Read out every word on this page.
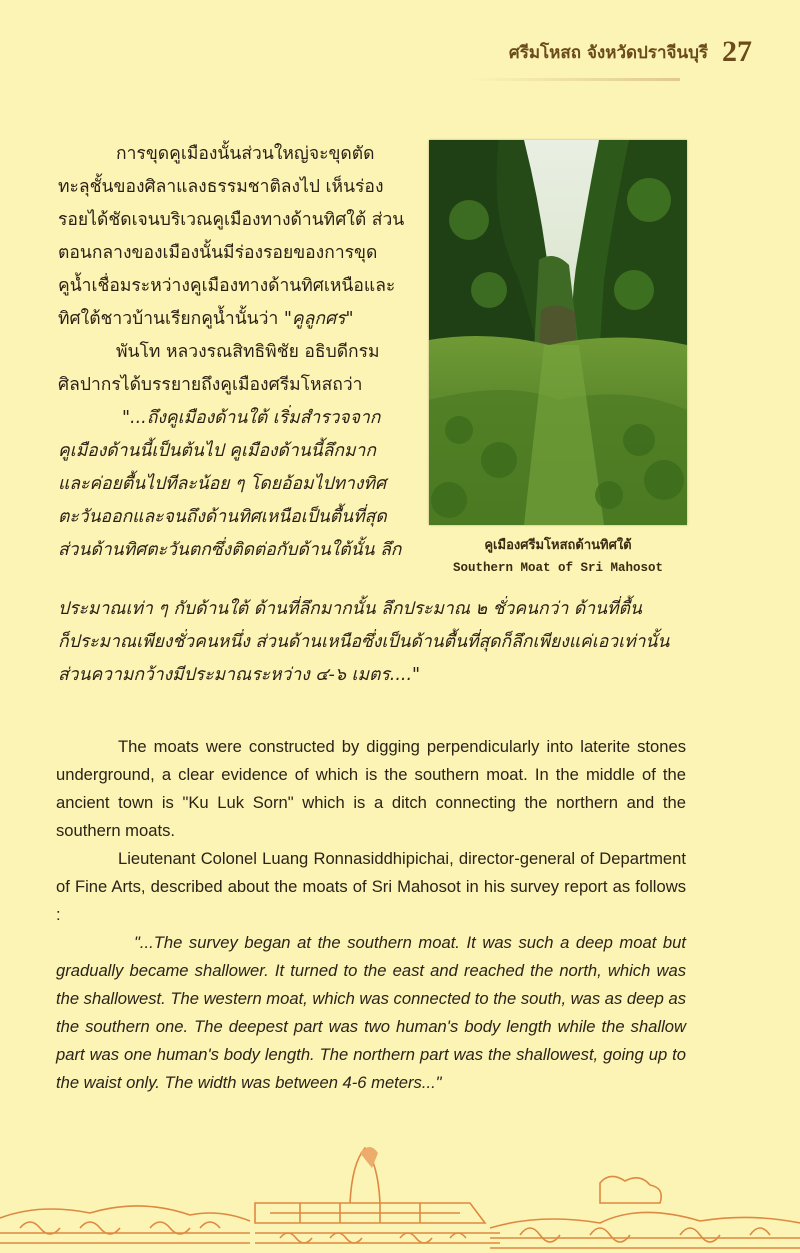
ศรีมโหสถ จังหวัดปราจีนบุรี 27

การขุดคูเมืองนั้นส่วนใหญ่จะขุดตัด

ทะลุชั้นของศิลาแลงธรรมชาติลงไป เห็นร่อง

รอยได้ชัดเจนบริเวณคูเมืองทางด้านทิศใต้ ส่วน

ตอนกลางของเมืองนั้นมีร่องรอยของการขุด

คูน้ำเชื่อมระหว่างคูเมืองทางด้านทิศเหนือและ

ทิศใต้ชาวบ้านเรียกคูน้ำนั้นว่า "คูลูกศร"

พันโท หลวงรณสิทธิพิชัย อธิบดีกรม

ศิลปากรได้บรรยายถึงคูเมืองศรีมโหสถว่า

"...ถึงคูเมืองด้านใต้ เริ่มสำรวจจาก

คูเมืองด้านนี้เป็นต้นไป คูเมืองด้านนี้ลึกมาก

และค่อยตื้นไปทีละน้อย ๆ โดยอ้อมไปทางทิศ

ตะวันออกและจนถึงด้านทิศเหนือเป็นตื้นที่สุด

ส่วนด้านทิศตะวันตกซึ่งติดต่อกับด้านใต้นั้น ลึก	คูเมืองศรีมโหสถด้านทิศใต้
Southern Moat of Sri Mahosot

ประมาณเท่า ๆ กับด้านใต้ ด้านที่ลึกมากนั้น ลึกประมาณ ๒ ชั่วคนกว่า ด้านที่ตื้น

ก็ประมาณเพียงชั่วคนหนึ่ง ส่วนด้านเหนือซึ่งเป็นด้านตื้นที่สุดก็ลึกเพียงแค่เอวเท่านั้น

ส่วนความกว้างมีประมาณระหว่าง ๔-๖ เมตร...."

The moats were constructed by digging perpendicularly into laterite stones underground, a clear evidence of which is the southern moat. In the middle of the ancient town is "Ku Luk Sorn" which is a ditch connecting the northern and the southern moats.

Lieutenant Colonel Luang Ronnasiddhipichai, director-general of Department of Fine Arts, described about the moats of Sri Mahosot in his survey report as follows :

"...The survey began at the southern moat. It was such a deep moat but gradually became shallower. It turned to the east and reached the north, which was the shallowest. The western moat, which was connected to the south, was as deep as the southern one. The deepest part was two human's body length while the shallow part was one human's body length. The northern part was the shallowest, going up to the waist only. The width was between 4-6 meters..."
